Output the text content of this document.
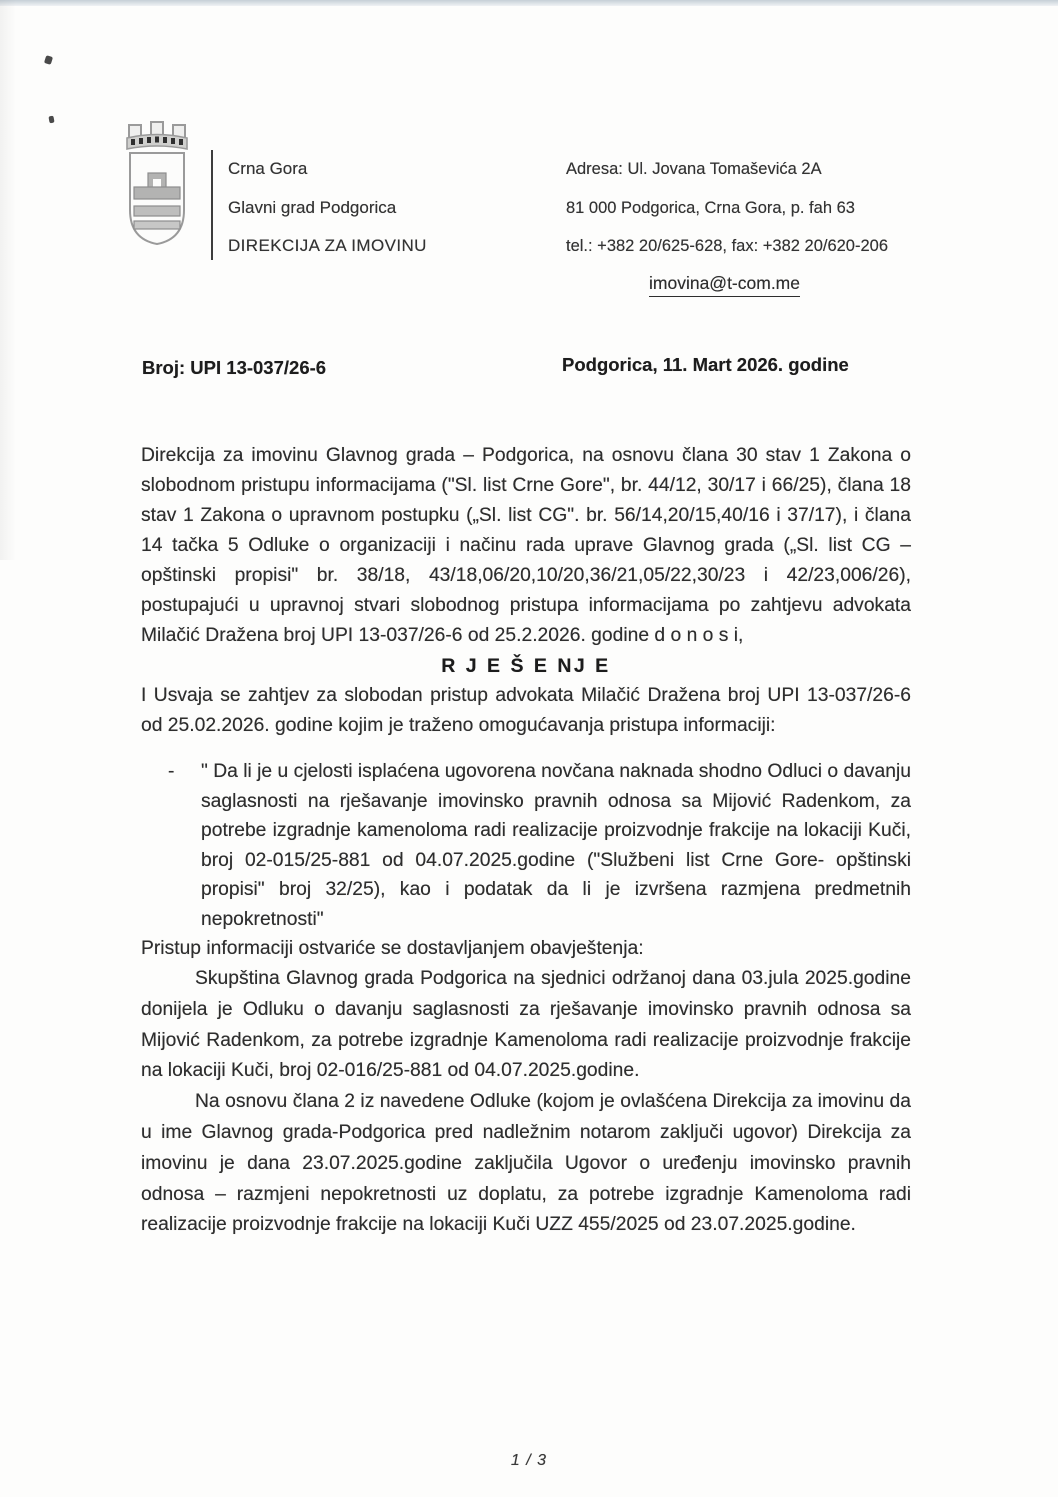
Crna Gora

Glavni grad Podgorica

DIREKCIJA ZA IMOVINU

Adresa: Ul. Jovana Tomaševića 2A

81 000 Podgorica, Crna Gora, p. fah 63

tel.: +382 20/625-628, fax: +382 20/620-206

imovina@t-com.me
Broj: UPI 13-037/26-6	Podgorica, 11. Mart 2026. godine

Direkcija za imovinu Glavnog grada – Podgorica, na osnovu člana 30 stav 1 Zakona o slobodnom pristupu informacijama ("Sl. list Crne Gore", br. 44/12, 30/17 i 66/25), člana 18 stav 1 Zakona o upravnom postupku („Sl. list CG". br. 56/14,20/15,40/16 i 37/17), i člana 14 tačka 5 Odluke o organizaciji i načinu rada uprave Glavnog grada („Sl. list CG – opštinski propisi" br. 38/18, 43/18,06/20,10/20,36/21,05/22,30/23 i 42/23,006/26), postupajući u upravnoj stvari slobodnog pristupa informacijama po zahtjevu advokata Milačić Dražena broj UPI 13-037/26-6 od 25.2.2026. godine d o n o s i,

R J E Š E NJ E

I Usvaja se zahtjev za slobodan pristup advokata Milačić Dražena broj UPI 13-037/26-6 od 25.02.2026. godine kojim je traženo omogućavanja pristupa informaciji:

-	" Da li je u cjelosti isplaćena ugovorena novčana naknada shodno Odluci o davanju saglasnosti na rješavanje imovinsko pravnih odnosa sa Mijović Radenkom, za potrebe izgradnje kamenoloma radi realizacije proizvodnje frakcije na lokaciji Kuči, broj 02-015/25-881 od 04.07.2025.godine ("Službeni list Crne Gore- opštinski propisi" broj 32/25), kao i podatak da li je izvršena razmjena predmetnih nepokretnosti"

Pristup informaciji ostvariće se dostavljanjem obavještenja:

Skupština Glavnog grada Podgorica na sjednici održanoj dana 03.jula 2025.godine donijela je Odluku o davanju saglasnosti za rješavanje imovinsko pravnih odnosa sa Mijović Radenkom, za potrebe izgradnje Kamenoloma radi realizacije proizvodnje frakcije na lokaciji Kuči, broj 02-016/25-881 od 04.07.2025.godine.

Na osnovu člana 2 iz navedene Odluke (kojom je ovlašćena Direkcija za imovinu da u ime Glavnog grada-Podgorica pred nadležnim notarom zaključi ugovor) Direkcija za imovinu je dana 23.07.2025.godine zaključila Ugovor o uređenju imovinsko pravnih odnosa – razmjeni nepokretnosti uz doplatu, za potrebe izgradnje Kamenoloma radi realizacije proizvodnje frakcije na lokaciji Kuči UZZ 455/2025 od 23.07.2025.godine.

1 / 3
